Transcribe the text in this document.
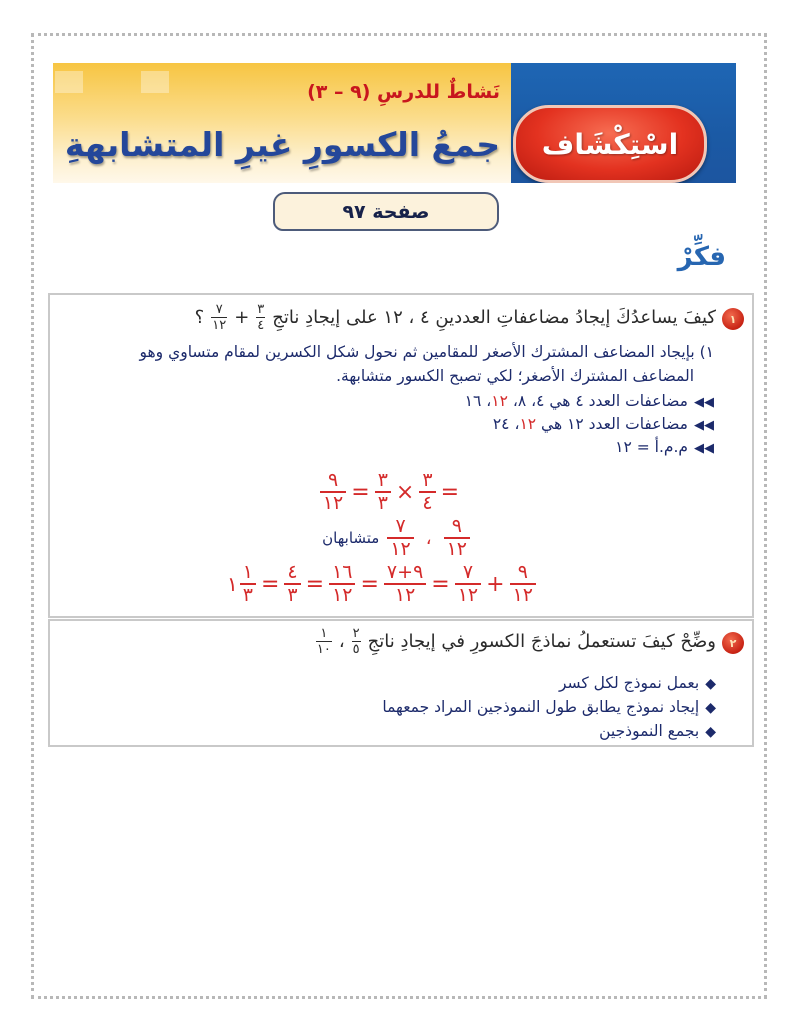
نَشاطٌ للدرسِ (٩ – ٣)
جمعُ الكسورِ غيرِ المتشابهةِ اسْتِكْشَاف
صفحة ٩٧
فكِّرْ
١
كيفَ يساعدُكَ إيجادُ مضاعفاتِ العددينِ ٤ ، ١٢ على إيجادِ ناتجِ
$\frac{٣}{٤}$
+
$\frac{٧}{١٢}$
؟
١) بإيجاد المضاعف المشترك الأصغر للمقامين ثم نحول شكل الكسرين لمقام متساوي وهو
المضاعف المشترك الأصغر؛ لكي تصبح الكسور متشابهة.
◀◀مضاعفات العدد ٤ هي ٤، ٨، ١٢، ١٦
◀◀مضاعفات العدد ١٢ هي ١٢، ٢٤
◀◀م.م.أ = ١٢
=
٣
٤
×
٣
٣
=
٩
١٢
٩
١٢
،
٧
١٢
متشابهان
٩
١٢
+
٧
١٢
=
٩+٧
١٢
=
١٦
١٢
=
٤
٣
=
١
٣
١
٢
وضِّحْ كيفَ تستعملُ نماذجَ الكسورِ في إيجادِ ناتجِ
$\frac{٢}{٥}$
،
$\frac{١}{١٠}$
◆بعمل نموذج لكل كسر
◆إيجاد نموذج يطابق طول النموذجين المراد جمعهما
◆بجمع النموذجين
